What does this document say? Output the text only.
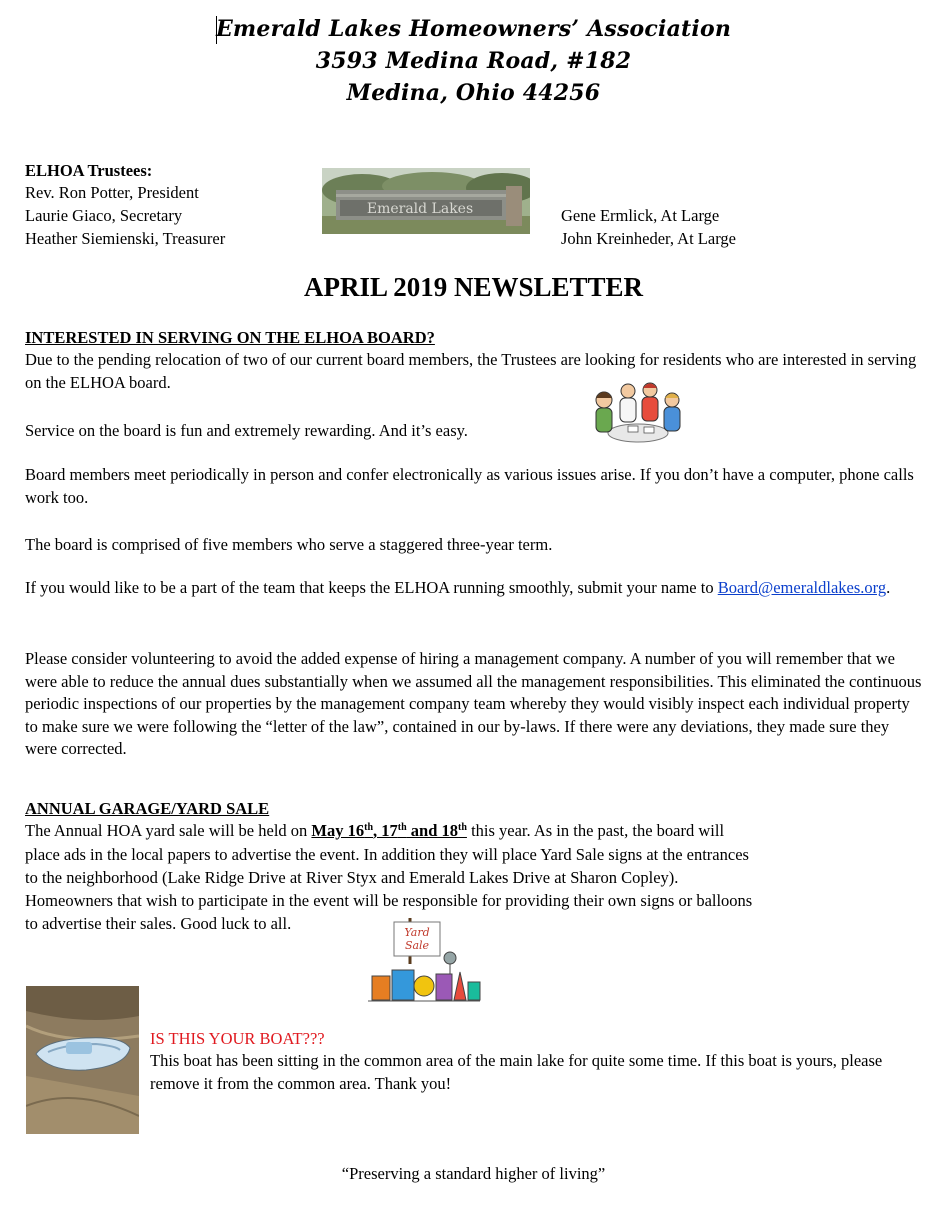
Emerald Lakes Homeowners’ Association
3593 Medina Road, #182
Medina, Ohio 44256
ELHOA Trustees:
Rev. Ron Potter, President
Laurie Giaco, Secretary
Heather Siemienski, Treasurer
Gene Ermlick, At Large
John Kreinheder, At Large
Emerald Lakes
APRIL 2019 NEWSLETTER
INTERESTED IN SERVING ON THE ELHOA BOARD?
Due to the pending relocation of two of our current board members, the Trustees are looking for residents who are interested in serving on the ELHOA board.
Service on the board is fun and extremely rewarding. And it’s easy.
Board members meet periodically in person and confer electronically as various issues arise. If you don’t have a computer, phone calls work too.
The board is comprised of five members who serve a staggered three-year term.
If you would like to be a part of the team that keeps the ELHOA running smoothly, submit your name to Board@emeraldlakes.org.
Please consider volunteering to avoid the added expense of hiring a management company. A number of you will remember that we were able to reduce the annual dues substantially when we assumed all the management responsibilities. This eliminated the continuous periodic inspections of our properties by the management company team whereby they would visibly inspect each individual property to make sure we were following the “letter of the law”, contained in our by-laws. If there were any deviations, they made sure they were corrected.
ANNUAL GARAGE/YARD SALE
The Annual HOA yard sale will be held on May 16th, 17th and 18th this year. As in the past, the board will
place ads in the local papers to advertise the event. In addition they will place Yard Sale signs at the entrances
to the neighborhood (Lake Ridge Drive at River Styx and Emerald Lakes Drive at Sharon Copley).
Homeowners that wish to participate in the event will be responsible for providing their own signs or balloons
to advertise their sales. Good luck to all.	Yard
Sale
IS THIS YOUR BOAT???
This boat has been sitting in the common area of the main lake for quite some time. If this boat is yours, please remove it from the common area. Thank you!
“Preserving a standard higher of living”
